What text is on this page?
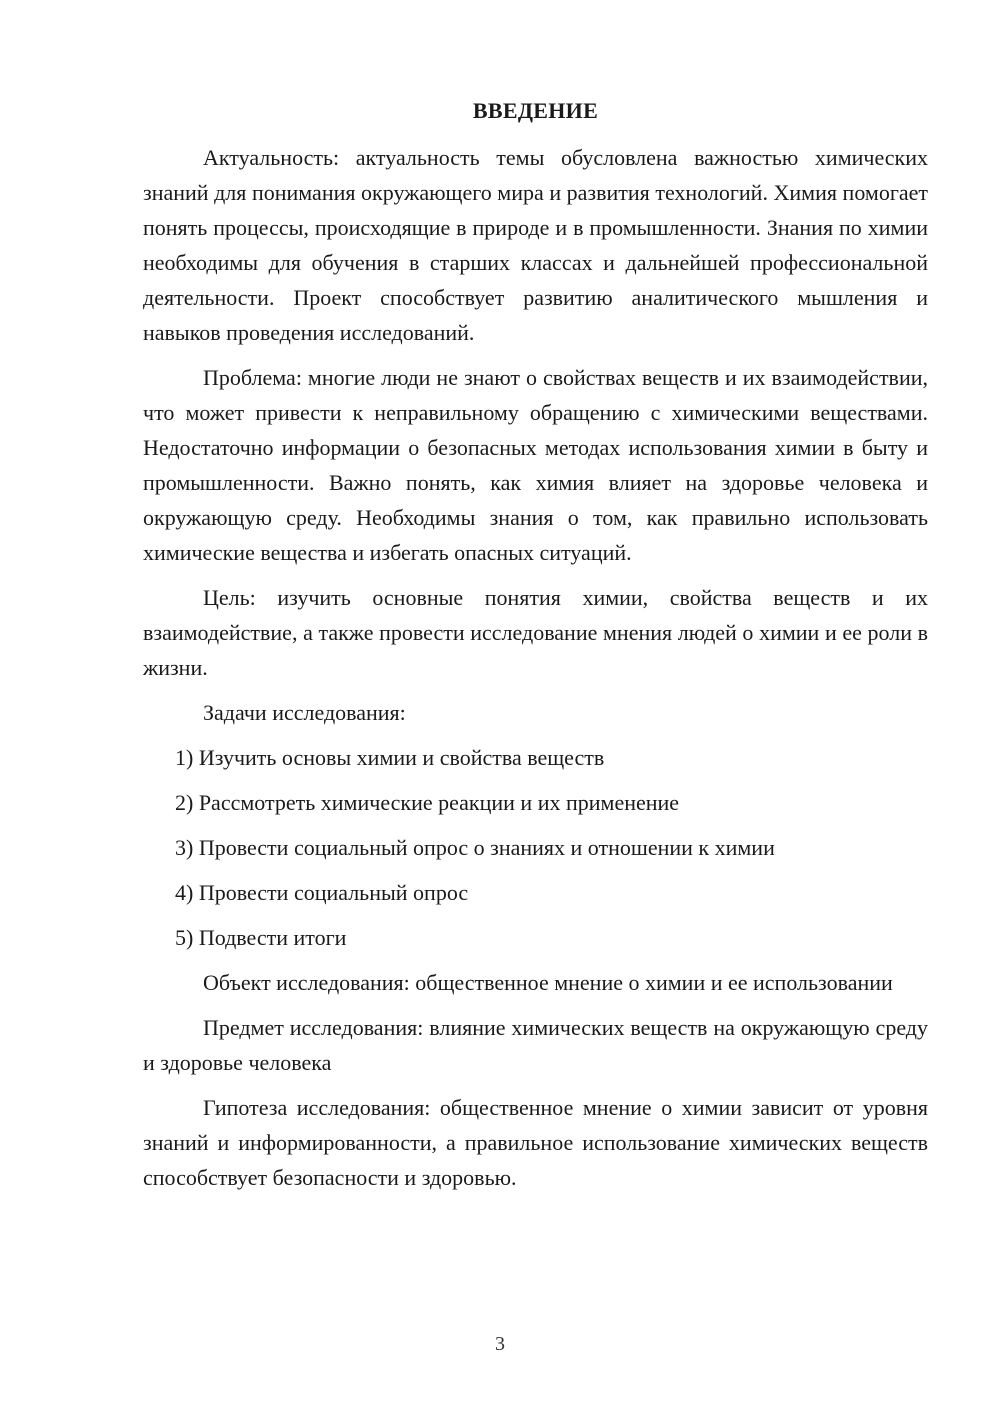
ВВЕДЕНИЕ

Актуальность: актуальность темы обусловлена важностью химических знаний для понимания окружающего мира и развития технологий. Химия помогает понять процессы, происходящие в природе и в промышленности. Знания по химии необходимы для обучения в старших классах и дальнейшей профессиональной деятельности. Проект способствует развитию аналитического мышления и навыков проведения исследований.

Проблема: многие люди не знают о свойствах веществ и их взаимодействии, что может привести к неправильному обращению с химическими веществами. Недостаточно информации о безопасных методах использования химии в быту и промышленности. Важно понять, как химия влияет на здоровье человека и окружающую среду. Необходимы знания о том, как правильно использовать химические вещества и избегать опасных ситуаций.

Цель: изучить основные понятия химии, свойства веществ и их взаимодействие, а также провести исследование мнения людей о химии и ее роли в жизни.

Задачи исследования:

1) Изучить основы химии и свойства веществ

2) Рассмотреть химические реакции и их применение

3) Провести социальный опрос о знаниях и отношении к химии

4) Провести социальный опрос

5) Подвести итоги

Объект исследования: общественное мнение о химии и ее использовании

Предмет исследования: влияние химических веществ на окружающую среду и здоровье человека

Гипотеза исследования: общественное мнение о химии зависит от уровня знаний и информированности, а правильное использование химических веществ способствует безопасности и здоровью.

3
